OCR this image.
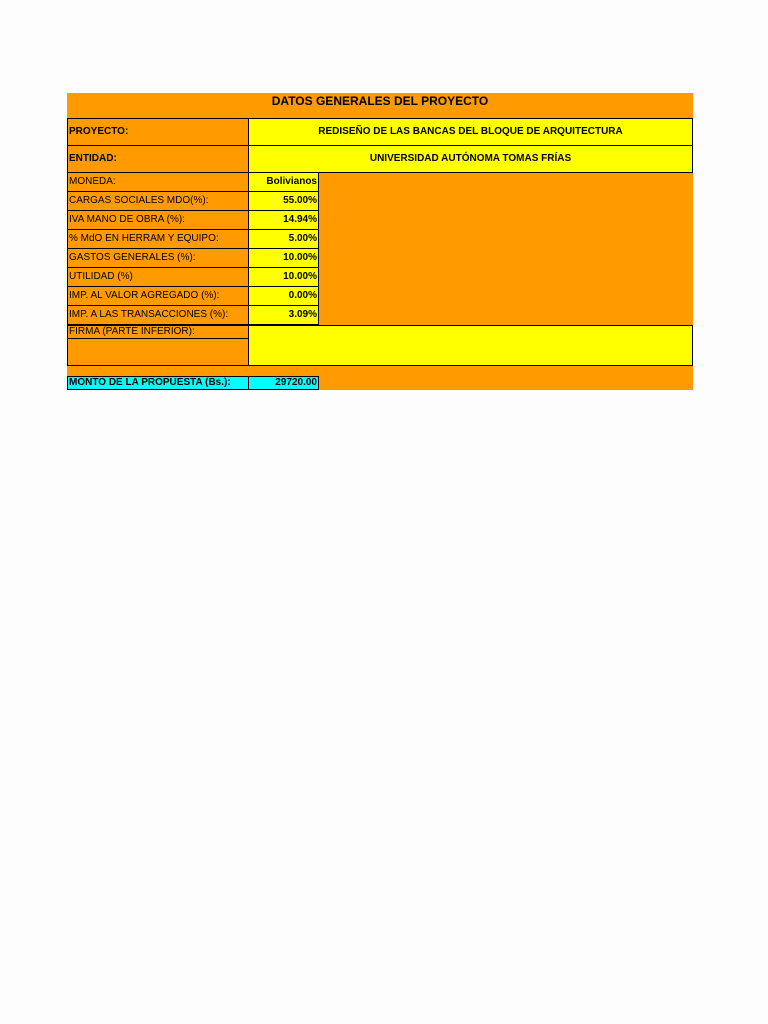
DATOS GENERALES DEL PROYECTO
PROYECTO:	REDISEÑO DE LAS BANCAS DEL BLOQUE DE ARQUITECTURA
ENTIDAD:	UNIVERSIDAD AUTÓNOMA TOMAS FRÍAS
MONEDA:	Bolivianos
CARGAS SOCIALES MDO(%):	55.00%
IVA MANO DE OBRA (%):	14.94%
% MdO EN HERRAM Y EQUIPO:	5.00%
GASTOS GENERALES (%):	10.00%
UTILIDAD (%)	10.00%
IMP. AL VALOR AGREGADO (%):	0.00%
IMP. A LAS TRANSACCIONES (%):	3.09%
FIRMA (PARTE INFERIOR):
MONTO DE LA PROPUESTA (Bs.):	29720.00
